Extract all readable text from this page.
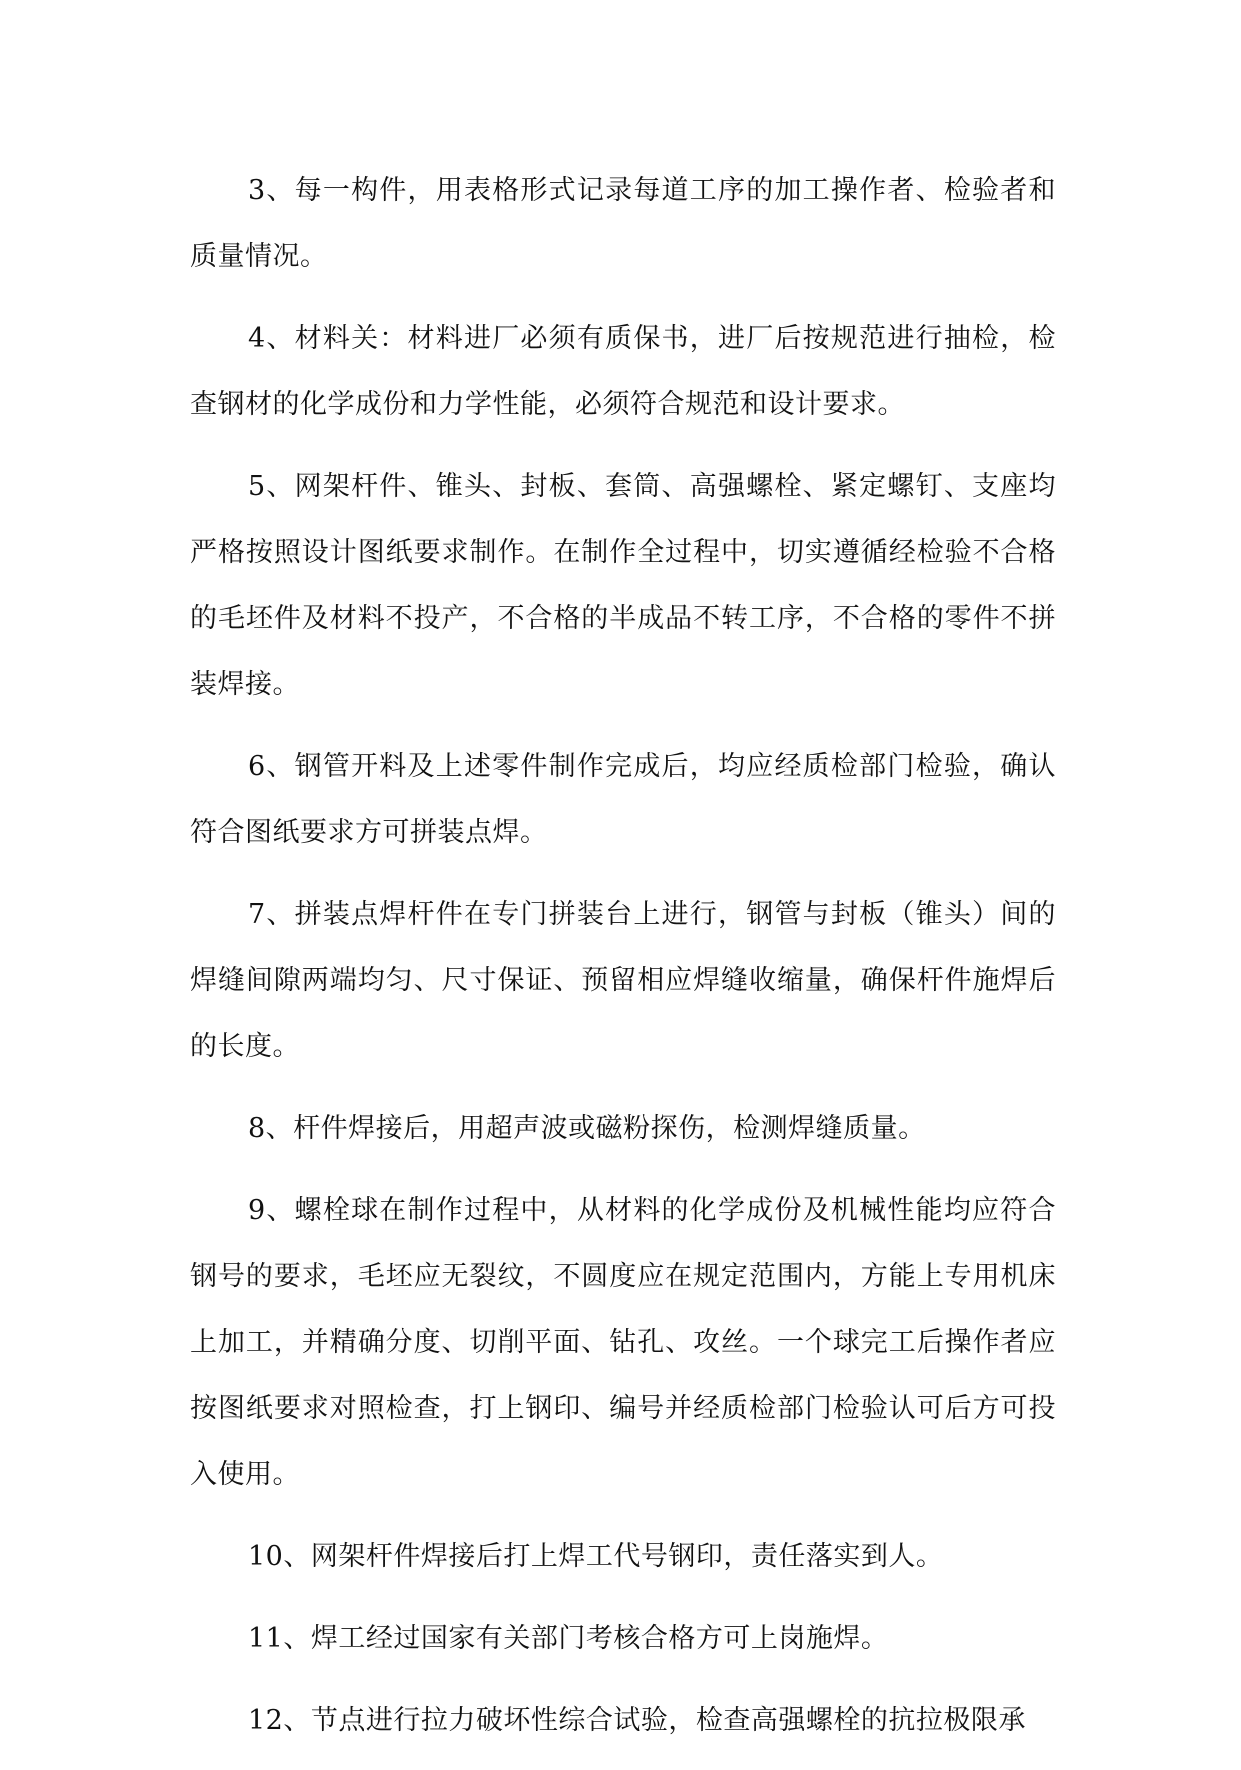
3、每一构件，用表格形式记录每道工序的加工操作者、检验者和质量情况。

4、材料关：材料进厂必须有质保书，进厂后按规范进行抽检，检查钢材的化学成份和力学性能，必须符合规范和设计要求。

5、网架杆件、锥头、封板、套筒、高强螺栓、紧定螺钉、支座均严格按照设计图纸要求制作。在制作全过程中，切实遵循经检验不合格的毛坯件及材料不投产，不合格的半成品不转工序，不合格的零件不拼装焊接。

6、钢管开料及上述零件制作完成后，均应经质检部门检验，确认符合图纸要求方可拼装点焊。

7、拼装点焊杆件在专门拼装台上进行，钢管与封板（锥头）间的焊缝间隙两端均匀、尺寸保证、预留相应焊缝收缩量，确保杆件施焊后的长度。

8、杆件焊接后，用超声波或磁粉探伤，检测焊缝质量。

9、螺栓球在制作过程中，从材料的化学成份及机械性能均应符合钢号的要求，毛坯应无裂纹，不圆度应在规定范围内，方能上专用机床上加工，并精确分度、切削平面、钻孔、攻丝。一个球完工后操作者应按图纸要求对照检查，打上钢印、编号并经质检部门检验认可后方可投入使用。

10、网架杆件焊接后打上焊工代号钢印，责任落实到人。

11、焊工经过国家有关部门考核合格方可上岗施焊。

12、节点进行拉力破坏性综合试验，检查高强螺栓的抗拉极限承
